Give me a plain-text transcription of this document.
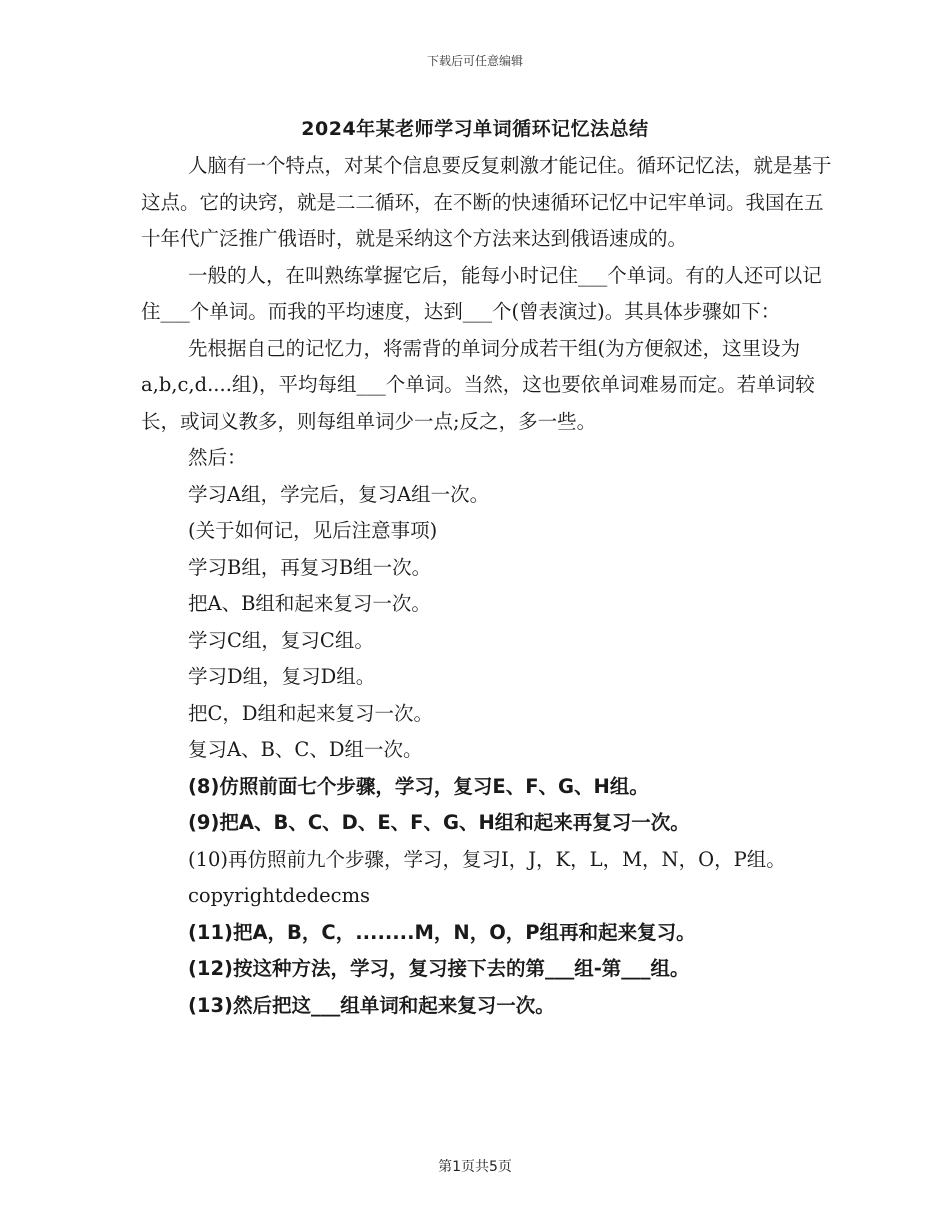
下载后可任意编辑
2024年某老师学习单词循环记忆法总结

人脑有一个特点，对某个信息要反复刺激才能记住。循环记忆法，就是基于这点。它的诀窍，就是二二循环，在不断的快速循环记忆中记牢单词。我国在五十年代广泛推广俄语时，就是采纳这个方法来达到俄语速成的。

一般的人，在叫熟练掌握它后，能每小时记住___个单词。有的人还可以记住___个单词。而我的平均速度，达到___个(曾表演过)。其具体步骤如下：

先根据自己的记忆力，将需背的单词分成若干组(为方便叙述，这里设为a,b,c,d....组)，平均每组___个单词。当然，这也要依单词难易而定。若单词较长，或词义教多，则每组单词少一点;反之，多一些。

然后：

学习A组，学完后，复习A组一次。

(关于如何记，见后注意事项)

学习B组，再复习B组一次。

把A、B组和起来复习一次。

学习C组，复习C组。

学习D组，复习D组。

把C，D组和起来复习一次。

复习A、B、C、D组一次。

(8)仿照前面七个步骤，学习，复习E、F、G、H组。

(9)把A、B、C、D、E、F、G、H组和起来再复习一次。

(10)再仿照前九个步骤，学习，复习I，J，K，L，M，N，O，P组。

copyrightdedecms

(11)把A，B，C，........M，N，O，P组再和起来复习。

(12)按这种方法，学习，复习接下去的第___组-第___组。

(13)然后把这___组单词和起来复习一次。

第1页共5页
